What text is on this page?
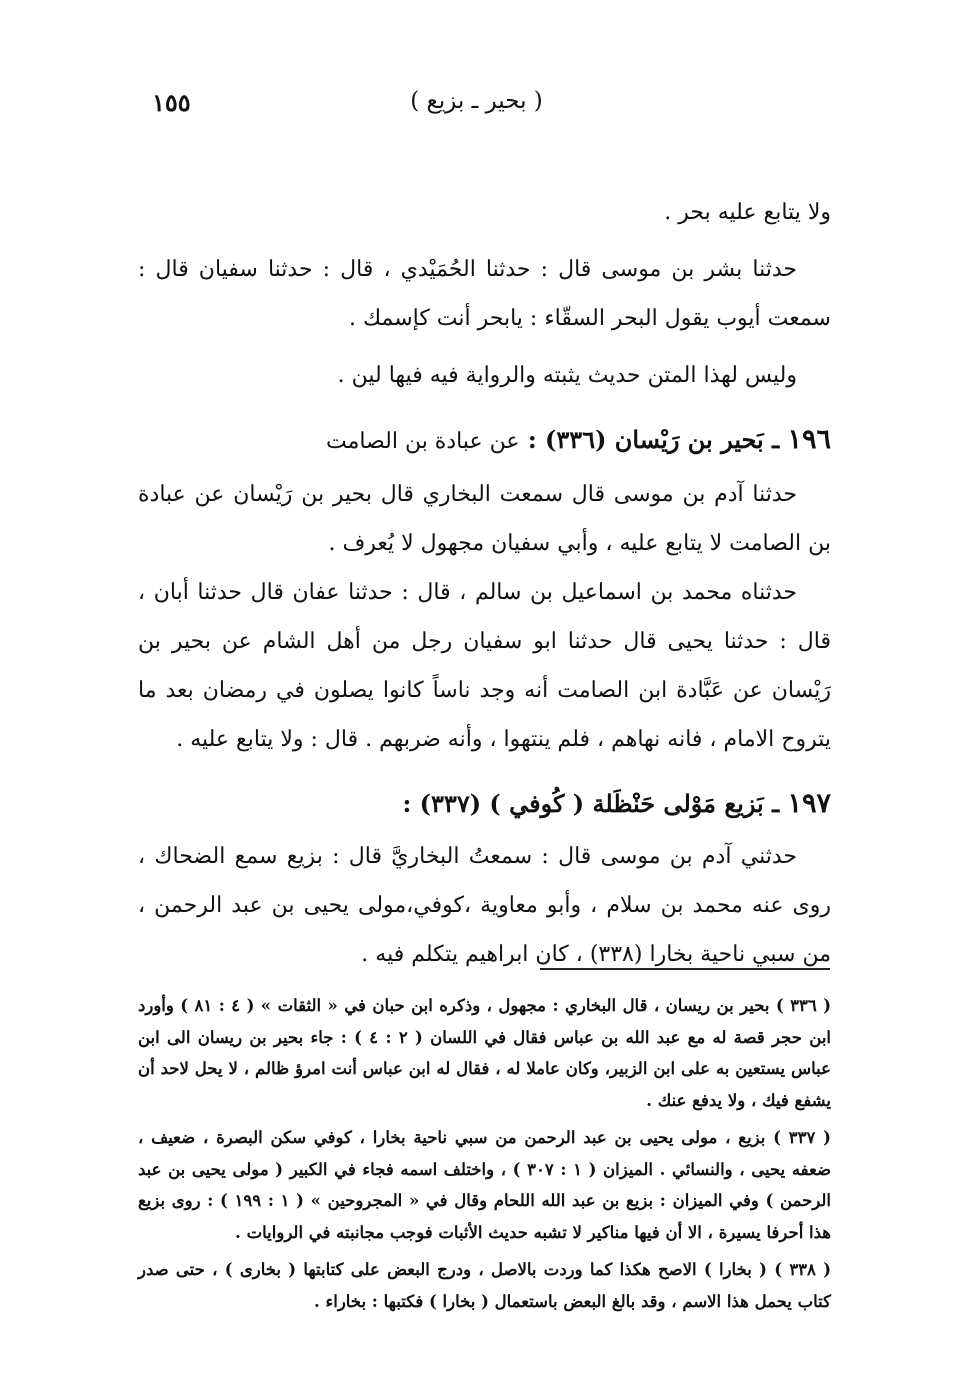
( بحير ـ بزيع )
١٥٥

ولا يتابع عليه بحر .

حدثنا بشر بن موسى قال : حدثنا الحُمَيْدي ، قال : حدثنا سفيان قال : سمعت أيوب يقول البحر السقّاء : يابحر أنت كإسمك .

وليس لهذا المتن حديث يثبته والرواية فيه فيها لين .

١٩٦ ـ بَحير بن رَيْسان (٣٣٦) : عن عبادة بن الصامت

حدثنا آدم بن موسى قال سمعت البخاري قال بحير بن رَيْسان عن عبادة بن الصامت لا يتابع عليه ، وأبي سفيان مجهول لا يُعرف .

حدثناه محمد بن اسماعيل بن سالم ، قال : حدثنا عفان قال حدثنا أبان ، قال : حدثنا يحيى قال حدثنا ابو سفيان رجل من أهل الشام عن بحير بن رَيْسان عن عَبَّادة ابن الصامت أنه وجد ناساً كانوا يصلون في رمضان بعد ما يتروح الامام ، فانه نهاهم ، فلم ينتهوا ، وأنه ضربهم . قال : ولا يتابع عليه .

١٩٧ ـ بَزيع مَوْلى حَنْظَلة ( كُوفي ) (٣٣٧) :

حدثني آدم بن موسى قال : سمعتُ البخاريَّ قال : بزيع سمع الضحاك ، روى عنه محمد بن سلام ، وأبو معاوية ،كوفي،مولى يحيى بن عبد الرحمن ، من سبي ناحية بخارا (٣٣٨) ، كان ابراهيم يتكلم فيه .

( ٣٣٦ ) بحير بن ريسان ، قال البخاري : مجهول ، وذكره ابن حبان في « الثقات » ( ٤ : ٨١ ) وأورد ابن حجر قصة له مع عبد الله بن عباس فقال في اللسان ( ٢ : ٤ ) : جاء بحير بن ريسان الى ابن عباس يستعين به على ابن الزبير، وكان عاملا له ، فقال له ابن عباس أنت امرؤ ظالم ، لا يحل لاحد أن يشفع فيك ، ولا يدفع عنك .

( ٣٣٧ ) بزيع ، مولى يحيى بن عبد الرحمن من سبي ناحية بخارا ، كوفي سكن البصرة ، ضعيف ، ضعفه يحيى ، والنسائي . الميزان ( ١ : ٣٠٧ ) ، واختلف اسمه فجاء في الكبير ( مولى يحيى بن عبد الرحمن ) وفي الميزان : بزيع بن عبد الله اللحام وقال في « المجروحين » ( ١ : ١٩٩ ) : روى بزيع هذا أحرفا يسيرة ، الا أن فيها مناكير لا تشبه حديث الأثبات فوجب مجانبته في الروايات .

( ٣٣٨ ) ( بخارا ) الاصح هكذا كما وردت بالاصل ، ودرج البعض على كتابتها ( بخارى ) ، حتى صدر كتاب يحمل هذا الاسم ، وقد بالغ البعض باستعمال ( بخارا ) فكتبها : بخاراء .
